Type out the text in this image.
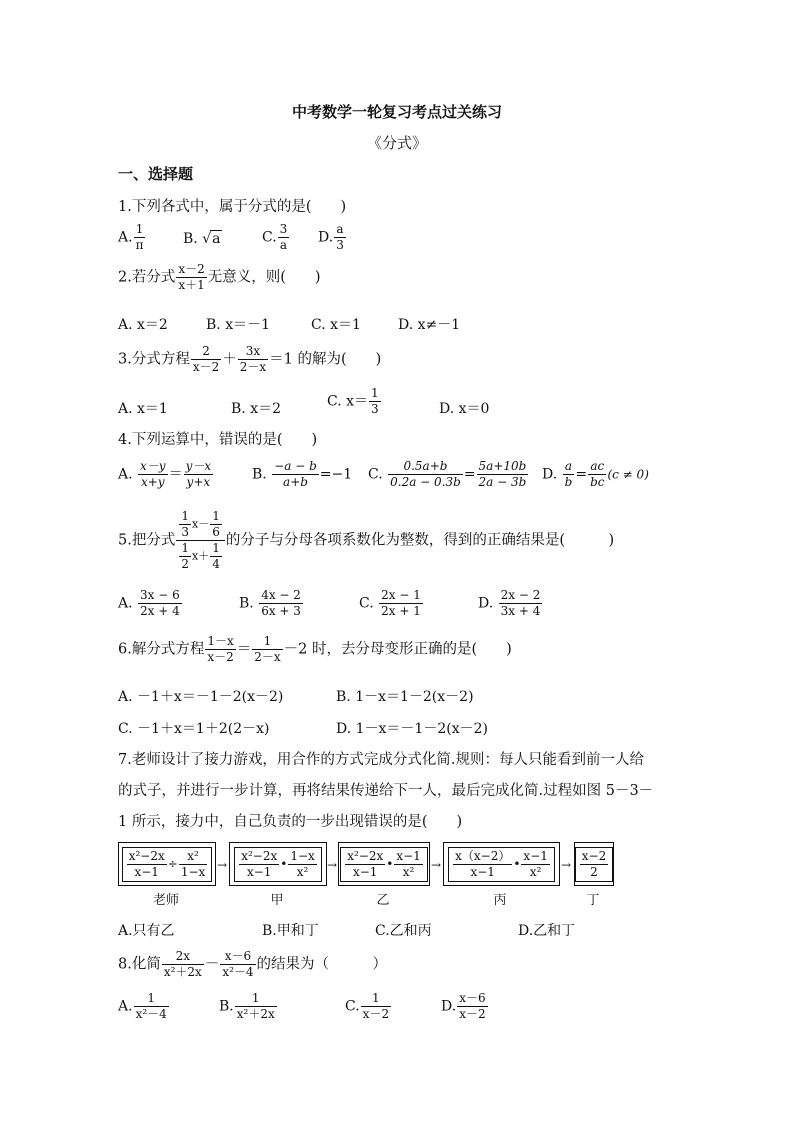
中考数学一轮复习考点过关练习
《分式》
一、选择题
1.下列各式中，属于分式的是(　　)
A. $\frac{1}{\pi}$	B. √a	C. $\frac{3}{a} D$. $\frac{a}{3}$
2.若分式 $\frac{x-2}{x+1}$ 无意义，则(　　)
A. x＝2	B. x＝－1	C. x＝1	D. x≠－1
3.分式方程 $\frac{2}{x-2} + \frac{3x}{2-x} =1$ 的解为(　　)
A. x＝1	B. x＝2	C. $x= \frac{1}{3}$	D. x＝0
4.下列运算中，错误的是(　　)
A. $\frac{x-y}{x+y} = \frac{y-x}{y+x}$	B. $\frac{-a - b}{a+b} =-1$ C. $\frac{0.5a+b}{0.2a - 0.3b} = \frac{5a+10b}{2a - 3b} D$. $\frac{a}{b} = \frac{ac}{bc} (c \ne 0)$
5.把分式 $\frac{\frac{1}{3} x- \frac{1}{6}}{\frac{1}{2} x+ \frac{1}{4}}$ 的分子与分母各项系数化为整数，得到的正确结果是(　　　)
A. $\frac{3x - 6}{2x + 4}$	B. $\frac{4x - 2}{6x + 3}$	C. $\frac{2x - 1}{2x + 1}$	D. $\frac{2x - 2}{3x + 4}$
6.解分式方程 $\frac{1-x}{x-2} = \frac{1}{2-x} -2$ 时，去分母变形正确的是(　　)
A. －1＋x＝－1－2(x－2)	B. 1－x＝1－2(x－2)
C. －1＋x＝1＋2(2－x)	D. 1－x＝－1－2(x－2)
7.老师设计了接力游戏，用合作的方式完成分式化简.规则：每人只能看到前一人给
的式子，并进行一步计算，再将结果传递给下一人，最后完成化简.过程如图 5－3－
1 所示，接力中，自己负责的一步出现错误的是(　　)
$\frac{\text{x²−2x}}{x-1} \div \frac{\text{x²}}{1-x}$ →
x²−2x
x−1
•
1−x
x²	→
x²−2x
x−1
•
x−1
x²	→
x（x−2）
x−1
•
x−1
x²	→
x−2
2
老师	甲	乙	丙	丁
A.只有乙	B.甲和丁	C.乙和丙	D.乙和丁
8.化简 $\frac{2x}{\text{x²＋2x}} - \frac{x-6}{\text{x²－4}}$ 的结果为（　　　）
A. $\frac{1}{\text{x²－4}}$	B. $\frac{1}{\text{x²＋2x}}$	C. $\frac{1}{x-2}$	D. $\frac{x-6}{x-2}$
